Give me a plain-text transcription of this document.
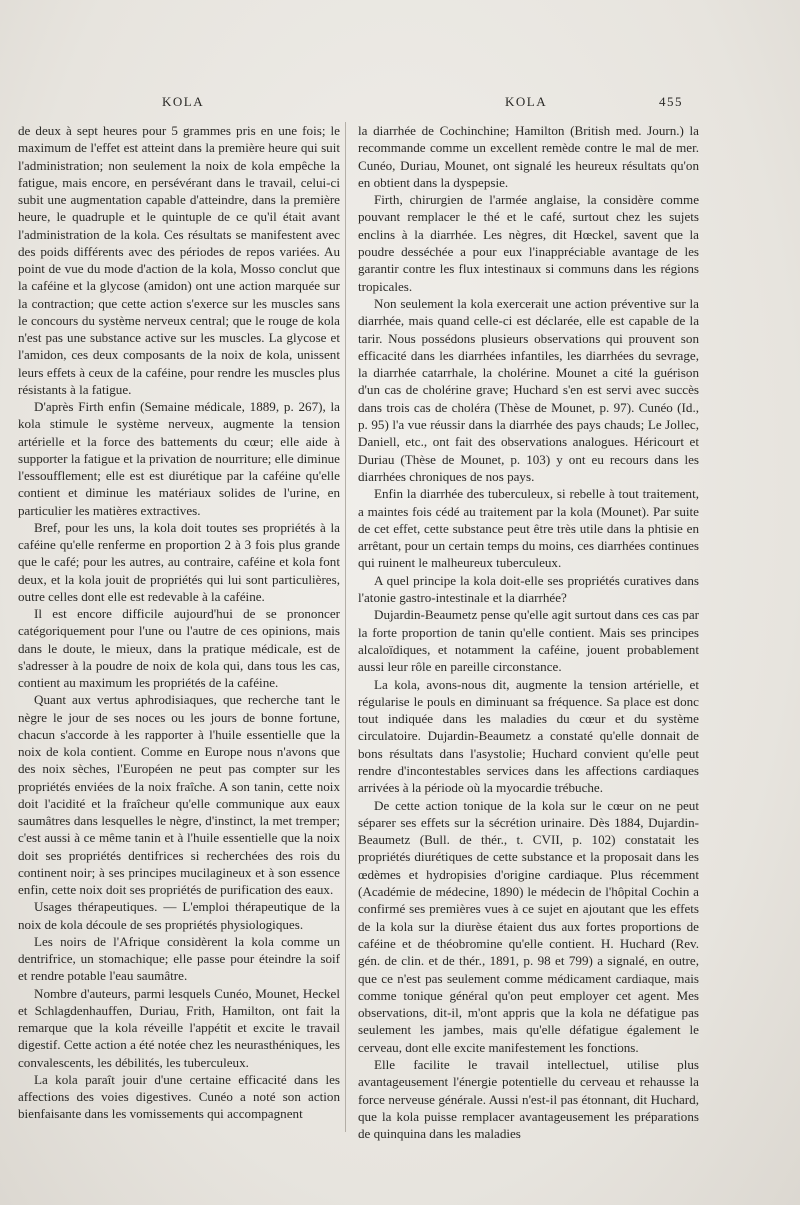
KOLA	KOLA	455

de deux à sept heures pour 5 grammes pris en une fois; le maximum de l'effet est atteint dans la première heure qui suit l'administration; non seulement la noix de kola empêche la fatigue, mais encore, en persévérant dans le travail, celui-ci subit une augmentation capable d'atteindre, dans la première heure, le quadruple et le quintuple de ce qu'il était avant l'administration de la kola. Ces résultats se manifestent avec des poids différents avec des périodes de repos variées. Au point de vue du mode d'action de la kola, Mosso conclut que la caféine et la glycose (amidon) ont une action marquée sur la contraction; que cette action s'exerce sur les muscles sans le concours du système nerveux central; que le rouge de kola n'est pas une substance active sur les muscles. La glycose et l'amidon, ces deux composants de la noix de kola, unissent leurs effets à ceux de la caféine, pour rendre les muscles plus résistants à la fatigue.

D'après Firth enfin (Semaine médicale, 1889, p. 267), la kola stimule le système nerveux, augmente la tension artérielle et la force des battements du cœur; elle aide à supporter la fatigue et la privation de nourriture; elle diminue l'essoufflement; elle est est diurétique par la caféine qu'elle contient et diminue les matériaux solides de l'urine, en particulier les matières extractives.

Bref, pour les uns, la kola doit toutes ses propriétés à la caféine qu'elle renferme en proportion 2 à 3 fois plus grande que le café; pour les autres, au contraire, caféine et kola font deux, et la kola jouit de propriétés qui lui sont particulières, outre celles dont elle est redevable à la caféine.

Il est encore difficile aujourd'hui de se prononcer catégoriquement pour l'une ou l'autre de ces opinions, mais dans le doute, le mieux, dans la pratique médicale, est de s'adresser à la poudre de noix de kola qui, dans tous les cas, contient au maximum les propriétés de la caféine.

Quant aux vertus aphrodisiaques, que recherche tant le nègre le jour de ses noces ou les jours de bonne fortune, chacun s'accorde à les rapporter à l'huile essentielle que la noix de kola contient. Comme en Europe nous n'avons que des noix sèches, l'Européen ne peut pas compter sur les propriétés enviées de la noix fraîche. A son tanin, cette noix doit l'acidité et la fraîcheur qu'elle communique aux eaux saumâtres dans lesquelles le nègre, d'instinct, la met tremper; c'est aussi à ce même tanin et à l'huile essentielle que la noix doit ses propriétés dentifrices si recherchées des rois du continent noir; à ses principes mucilagineux et à son essence enfin, cette noix doit ses propriétés de purification des eaux.

Usages thérapeutiques. — L'emploi thérapeutique de la noix de kola découle de ses propriétés physiologiques.

Les noirs de l'Afrique considèrent la kola comme un dentrifrice, un stomachique; elle passe pour éteindre la soif et rendre potable l'eau saumâtre.

Nombre d'auteurs, parmi lesquels Cunéo, Mounet, Heckel et Schlagdenhauffen, Duriau, Frith, Hamilton, ont fait la remarque que la kola réveille l'appétit et excite le travail digestif. Cette action a été notée chez les neurasthéniques, les convalescents, les débilités, les tuberculeux.

La kola paraît jouir d'une certaine efficacité dans les affections des voies digestives. Cunéo a noté son action bienfaisante dans les vomissements qui accompagnent

la diarrhée de Cochinchine; Hamilton (British med. Journ.) la recommande comme un excellent remède contre le mal de mer. Cunéo, Duriau, Mounet, ont signalé les heureux résultats qu'on en obtient dans la dyspepsie.

Firth, chirurgien de l'armée anglaise, la considère comme pouvant remplacer le thé et le café, surtout chez les sujets enclins à la diarrhée. Les nègres, dit Hœckel, savent que la poudre desséchée a pour eux l'inappréciable avantage de les garantir contre les flux intestinaux si communs dans les régions tropicales.

Non seulement la kola exercerait une action préventive sur la diarrhée, mais quand celle-ci est déclarée, elle est capable de la tarir. Nous possédons plusieurs observations qui prouvent son efficacité dans les diarrhées infantiles, les diarrhées du sevrage, la diarrhée catarrhale, la cholérine. Mounet a cité la guérison d'un cas de cholérine grave; Huchard s'en est servi avec succès dans trois cas de choléra (Thèse de Mounet, p. 97). Cunéo (Id., p. 95) l'a vue réussir dans la diarrhée des pays chauds; Le Jollec, Daniell, etc., ont fait des observations analogues. Héricourt et Duriau (Thèse de Mounet, p. 103) y ont eu recours dans les diarrhées chroniques de nos pays.

Enfin la diarrhée des tuberculeux, si rebelle à tout traitement, a maintes fois cédé au traitement par la kola (Mounet). Par suite de cet effet, cette substance peut être très utile dans la phtisie en arrêtant, pour un certain temps du moins, ces diarrhées continues qui ruinent le malheureux tuberculeux.

A quel principe la kola doit-elle ses propriétés curatives dans l'atonie gastro-intestinale et la diarrhée?

Dujardin-Beaumetz pense qu'elle agit surtout dans ces cas par la forte proportion de tanin qu'elle contient. Mais ses principes alcaloïdiques, et notamment la caféine, jouent probablement aussi leur rôle en pareille circonstance.

La kola, avons-nous dit, augmente la tension artérielle, et régularise le pouls en diminuant sa fréquence. Sa place est donc tout indiquée dans les maladies du cœur et du système circulatoire. Dujardin-Beaumetz a constaté qu'elle donnait de bons résultats dans l'asystolie; Huchard convient qu'elle peut rendre d'incontestables services dans les affections cardiaques arrivées à la période où la myocardie trébuche.

De cette action tonique de la kola sur le cœur on ne peut séparer ses effets sur la sécrétion urinaire. Dès 1884, Dujardin-Beaumetz (Bull. de thér., t. CVII, p. 102) constatait les propriétés diurétiques de cette substance et la proposait dans les œdèmes et hydropisies d'origine cardiaque. Plus récemment (Académie de médecine, 1890) le médecin de l'hôpital Cochin a confirmé ses premières vues à ce sujet en ajoutant que les effets de la kola sur la diurèse étaient dus aux fortes proportions de caféine et de théobromine qu'elle contient. H. Huchard (Rev. gén. de clin. et de thér., 1891, p. 98 et 799) a signalé, en outre, que ce n'est pas seulement comme médicament cardiaque, mais comme tonique général qu'on peut employer cet agent. Mes observations, dit-il, m'ont appris que la kola ne défatigue pas seulement les jambes, mais qu'elle défatigue également le cerveau, dont elle excite manifestement les fonctions.

Elle facilite le travail intellectuel, utilise plus avantageusement l'énergie potentielle du cerveau et rehausse la force nerveuse générale. Aussi n'est-il pas étonnant, dit Huchard, que la kola puisse remplacer avantageusement les préparations de quinquina dans les maladies
